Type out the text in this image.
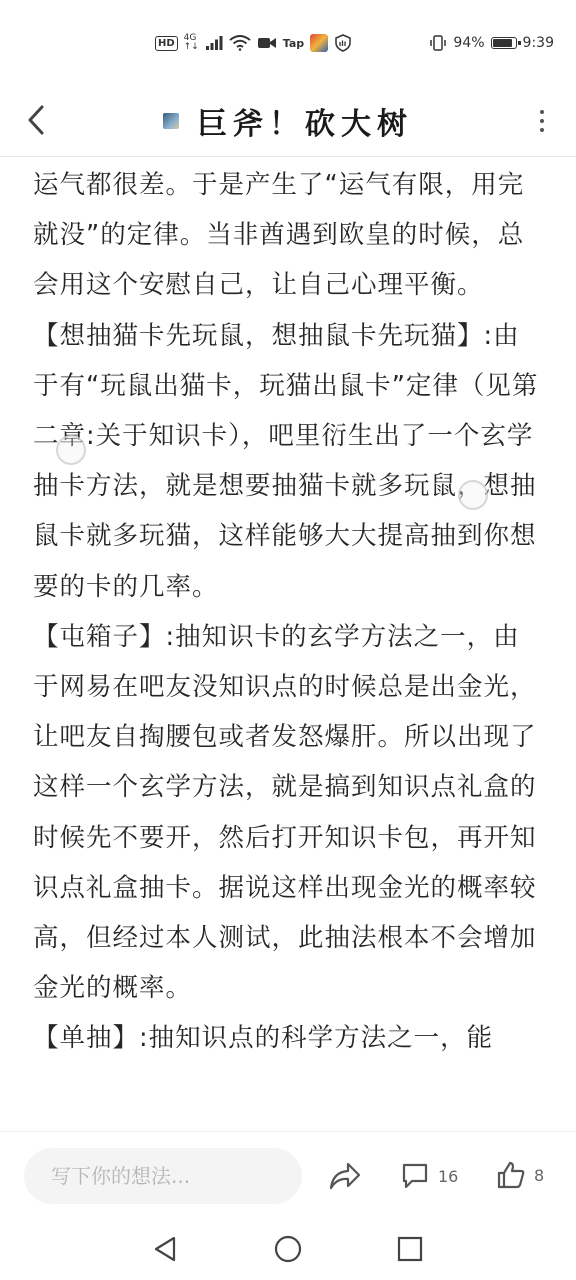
HD	4G
↑↓	Tap	94%	9:39
巨斧！砍大树

运气都很差。于是产生了“运气有限，用完就没”的定律。当非酋遇到欧皇的时候，总会用这个安慰自己，让自己心理平衡。

【想抽猫卡先玩鼠，想抽鼠卡先玩猫】:由于有“玩鼠出猫卡，玩猫出鼠卡”定律（见第二章:关于知识卡），吧里衍生出了一个玄学抽卡方法，就是想要抽猫卡就多玩鼠，想抽鼠卡就多玩猫，这样能够大大提高抽到你想要的卡的几率。

【屯箱子】:抽知识卡的玄学方法之一，由于网易在吧友没知识点的时候总是出金光，让吧友自掏腰包或者发怒爆肝。所以出现了这样一个玄学方法，就是搞到知识点礼盒的时候先不要开，然后打开知识卡包，再开知识点礼盒抽卡。据说这样出现金光的概率较高，但经过本人测试，此抽法根本不会增加金光的概率。

【单抽】:抽知识点的科学方法之一，能

写下你的想法...
16	8
